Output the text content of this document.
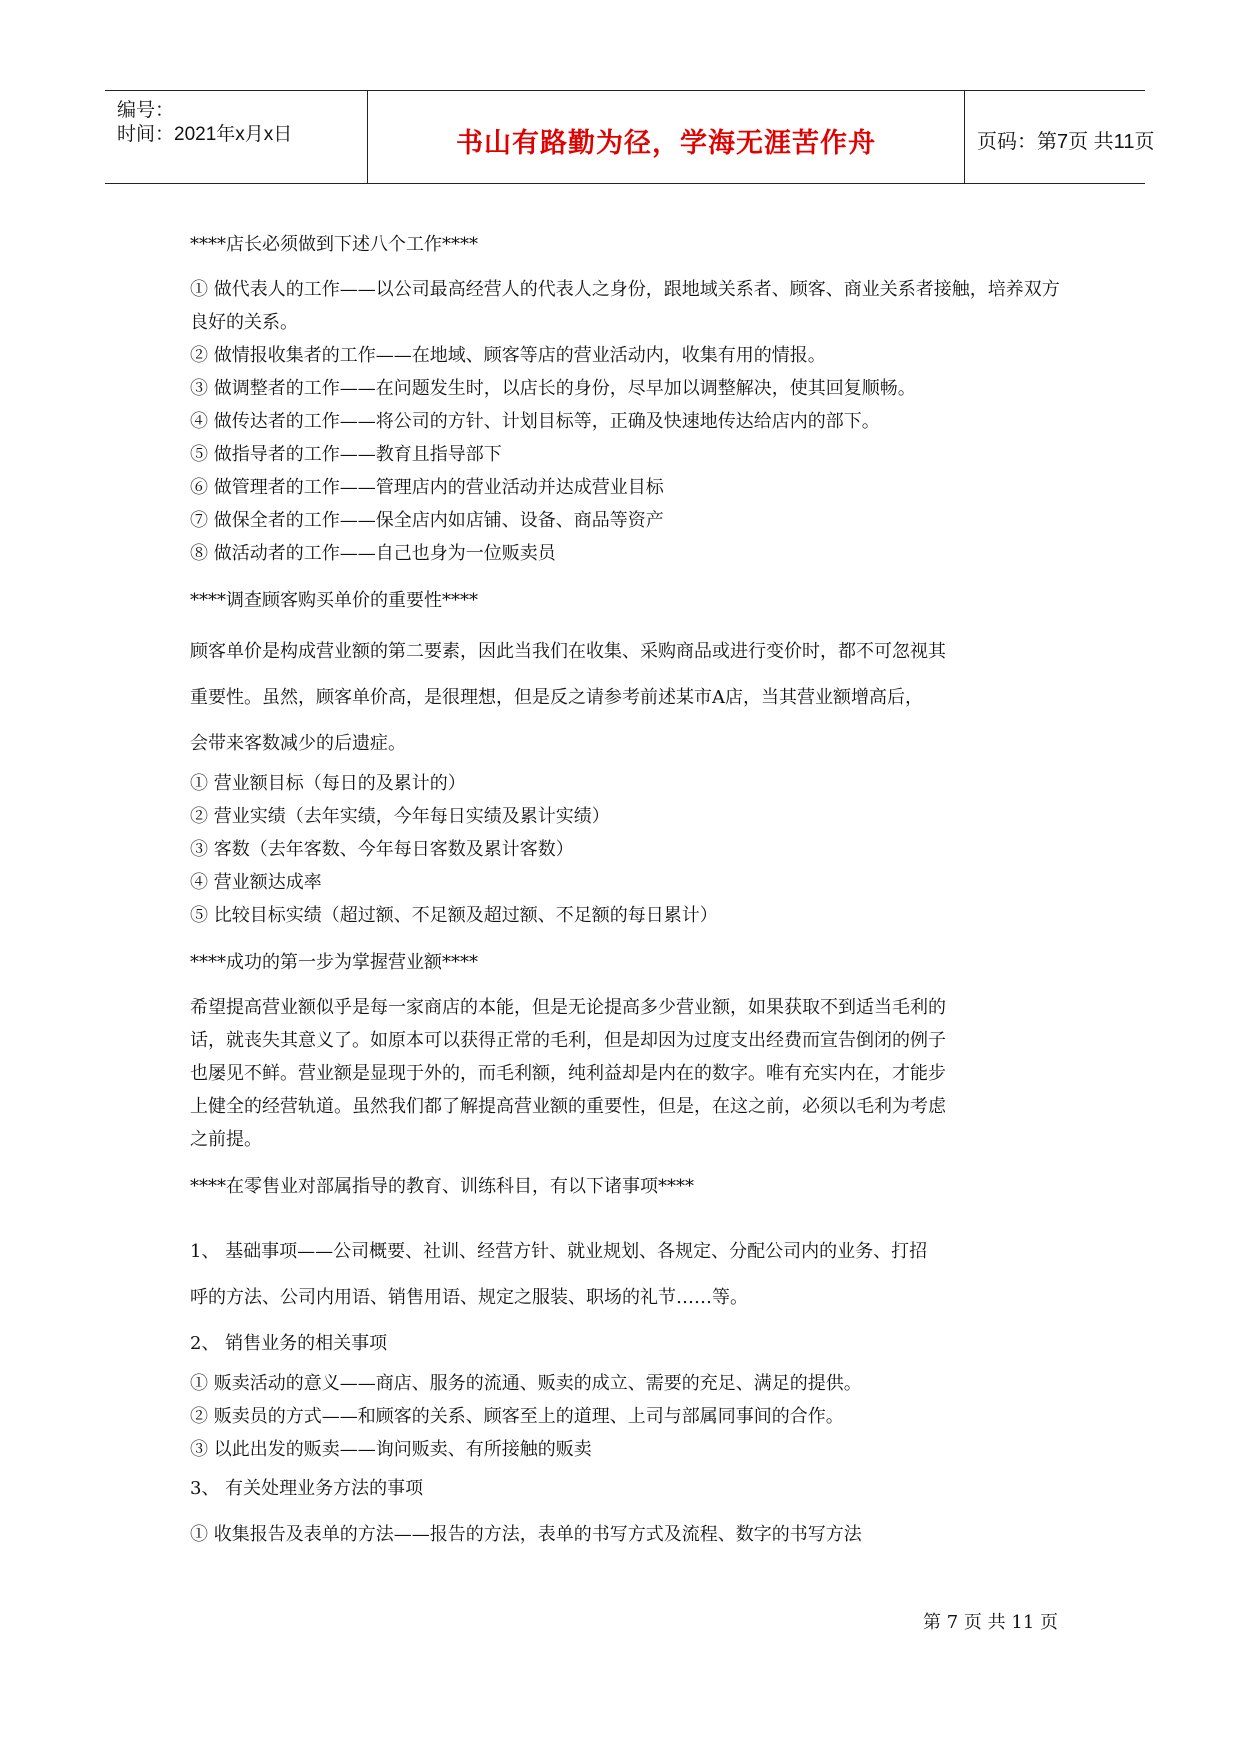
编号：
时间：2021年x月x日	书山有路勤为径，学海无涯苦作舟	页码：第7页 共11页

****店长必须做到下述八个工作****

① 做代表人的工作——以公司最高经营人的代表人之身份，跟地域关系者、顾客、商业关系者接触，培养双方良好的关系。

② 做情报收集者的工作——在地域、顾客等店的营业活动内，收集有用的情报。

③ 做调整者的工作——在问题发生时，以店长的身份，尽早加以调整解决，使其回复顺畅。

④ 做传达者的工作——将公司的方针、计划目标等，正确及快速地传达给店内的部下。

⑤ 做指导者的工作——教育且指导部下

⑥ 做管理者的工作——管理店内的营业活动并达成营业目标

⑦ 做保全者的工作——保全店内如店铺、设备、商品等资产

⑧ 做活动者的工作——自己也身为一位贩卖员

****调查顾客购买单价的重要性****

顾客单价是构成营业额的第二要素，因此当我们在收集、采购商品或进行变价时，都不可忽视其

重要性。虽然，顾客单价高，是很理想，但是反之请参考前述某市A店，当其营业额增高后，

会带来客数减少的后遗症。

① 营业额目标（每日的及累计的）

② 营业实绩（去年实绩，今年每日实绩及累计实绩）

③ 客数（去年客数、今年每日客数及累计客数）

④ 营业额达成率

⑤ 比较目标实绩（超过额、不足额及超过额、不足额的每日累计）

****成功的第一步为掌握营业额****

希望提高营业额似乎是每一家商店的本能，但是无论提高多少营业额，如果获取不到适当毛利的

话，就丧失其意义了。如原本可以获得正常的毛利，但是却因为过度支出经费而宣告倒闭的例子

也屡见不鲜。营业额是显现于外的，而毛利额，纯利益却是内在的数字。唯有充实内在，才能步

上健全的经营轨道。虽然我们都了解提高营业额的重要性，但是，在这之前，必须以毛利为考虑

之前提。

****在零售业对部属指导的教育、训练科目，有以下诸事项****

1、 基础事项——公司概要、社训、经营方针、就业规划、各规定、分配公司内的业务、打招

呼的方法、公司内用语、销售用语、规定之服装、职场的礼节……等。

2、 销售业务的相关事项

① 贩卖活动的意义——商店、服务的流通、贩卖的成立、需要的充足、满足的提供。

② 贩卖员的方式——和顾客的关系、顾客至上的道理、上司与部属同事间的合作。

③ 以此出发的贩卖——询问贩卖、有所接触的贩卖

3、 有关处理业务方法的事项

① 收集报告及表单的方法——报告的方法，表单的书写方式及流程、数字的书写方法

第 7 页 共 11 页
